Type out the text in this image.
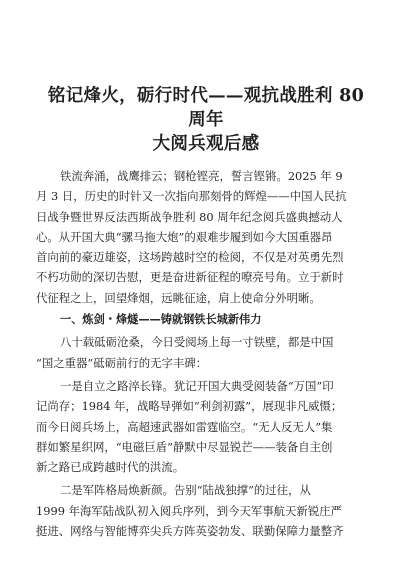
铭记烽火，砺行时代——观抗战胜利 80 周年
大阅兵观后感

铁流奔涌，战鹰排云；钢枪铿亮，誓言铿锵。2025 年 9
月 3 日，历史的时针又一次指向那刻骨的辉煌——中国人民抗
日战争暨世界反法西斯战争胜利 80 周年纪念阅兵盛典撼动人
心。从开国大典“骡马拖大炮”的艰难步履到如今大国重器昂
首向前的豪迈雄姿，这场跨越时空的检阅，不仅是对英勇先烈
不朽功勋的深切告慰，更是奋进新征程的嘹亮号角。立于新时
代征程之上，回望烽烟，远眺征途，肩上使命分外明晰。

一、炼剑・烽燧——铸就钢铁长城新伟力

八十载砥砺沧桑，今日受阅场上每一寸铁壁，都是中国
“国之重器”砥砺前行的无字丰碑：

一是自立之路淬长锋。犹记开国大典受阅装备“万国”印
记尚存；1984 年，战略导弹如“利剑初露”，展现非凡威慑；
而今日阅兵场上，高超速武器如雷霆临空。“无人反无人”集
群如繁星织网，“电磁巨盾”静默中尽显锐芒——装备自主创
新之路已成跨越时代的洪流。

二是军阵格局焕新颜。告别“陆战独撑”的过往，从
1999 年海军陆战队初入阅兵序列，到今天军事航天新锐庄严
挺进、网络与智能博弈尖兵方阵英姿勃发、联勤保障力量整齐
